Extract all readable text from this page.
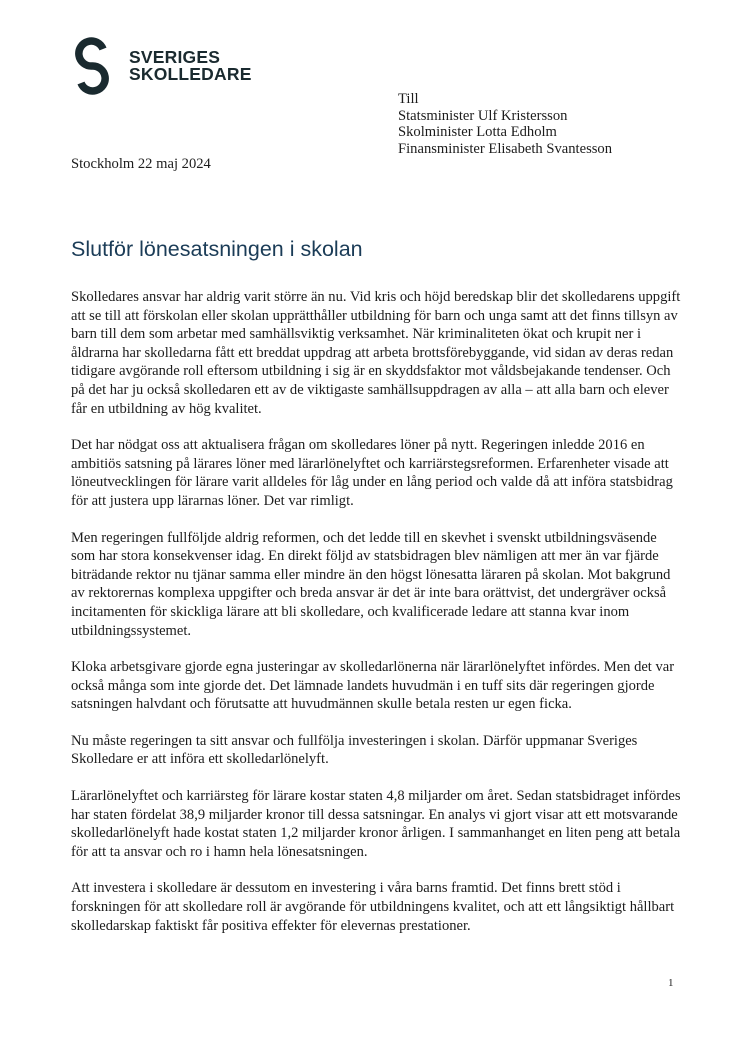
SVERIGES
SKOLLEDARE
Till
Statsminister Ulf Kristersson
Skolminister Lotta Edholm
Finansminister Elisabeth Svantesson
Stockholm 22 maj 2024
Slutför lönesatsningen i skolan

Skolledares ansvar har aldrig varit större än nu. Vid kris och höjd beredskap blir det skolledarens uppgift att se till att förskolan eller skolan upprätthåller utbildning för barn och unga samt att det finns tillsyn av barn till dem som arbetar med samhällsviktig verksamhet. När kriminaliteten ökat och krupit ner i åldrarna har skolledarna fått ett breddat uppdrag att arbeta brottsförebyggande, vid sidan av deras redan tidigare avgörande roll eftersom utbildning i sig är en skyddsfaktor mot våldsbejakande tendenser. Och på det har ju också skolledaren ett av de viktigaste samhällsuppdragen av alla – att alla barn och elever får en utbildning av hög kvalitet.

Det har nödgat oss att aktualisera frågan om skolledares löner på nytt. Regeringen inledde 2016 en ambitiös satsning på lärares löner med lärarlönelyftet och karriärstegsreformen. Erfarenheter visade att löneutvecklingen för lärare varit alldeles för låg under en lång period och valde då att införa statsbidrag för att justera upp lärarnas löner. Det var rimligt.

Men regeringen fullföljde aldrig reformen, och det ledde till en skevhet i svenskt utbildningsväsende som har stora konsekvenser idag. En direkt följd av statsbidragen blev nämligen att mer än var fjärde biträdande rektor nu tjänar samma eller mindre än den högst lönesatta läraren på skolan. Mot bakgrund av rektorernas komplexa uppgifter och breda ansvar är det är inte bara orättvist, det undergräver också incitamenten för skickliga lärare att bli skolledare, och kvalificerade ledare att stanna kvar inom utbildningssystemet.

Kloka arbetsgivare gjorde egna justeringar av skolledarlönerna när lärarlönelyftet infördes. Men det var också många som inte gjorde det. Det lämnade landets huvudmän i en tuff sits där regeringen gjorde satsningen halvdant och förutsatte att huvudmännen skulle betala resten ur egen ficka.

Nu måste regeringen ta sitt ansvar och fullfölja investeringen i skolan. Därför uppmanar Sveriges Skolledare er att införa ett skolledarlönelyft.

Lärarlönelyftet och karriärsteg för lärare kostar staten 4,8 miljarder om året. Sedan statsbidraget infördes har staten fördelat 38,9 miljarder kronor till dessa satsningar. En analys vi gjort visar att ett motsvarande skolledarlönelyft hade kostat staten 1,2 miljarder kronor årligen. I sammanhanget en liten peng att betala för att ta ansvar och ro i hamn hela lönesatsningen.

Att investera i skolledare är dessutom en investering i våra barns framtid. Det finns brett stöd i forskningen för att skolledare roll är avgörande för utbildningens kvalitet, och att ett långsiktigt hållbart skolledarskap faktiskt får positiva effekter för elevernas prestationer.

1
